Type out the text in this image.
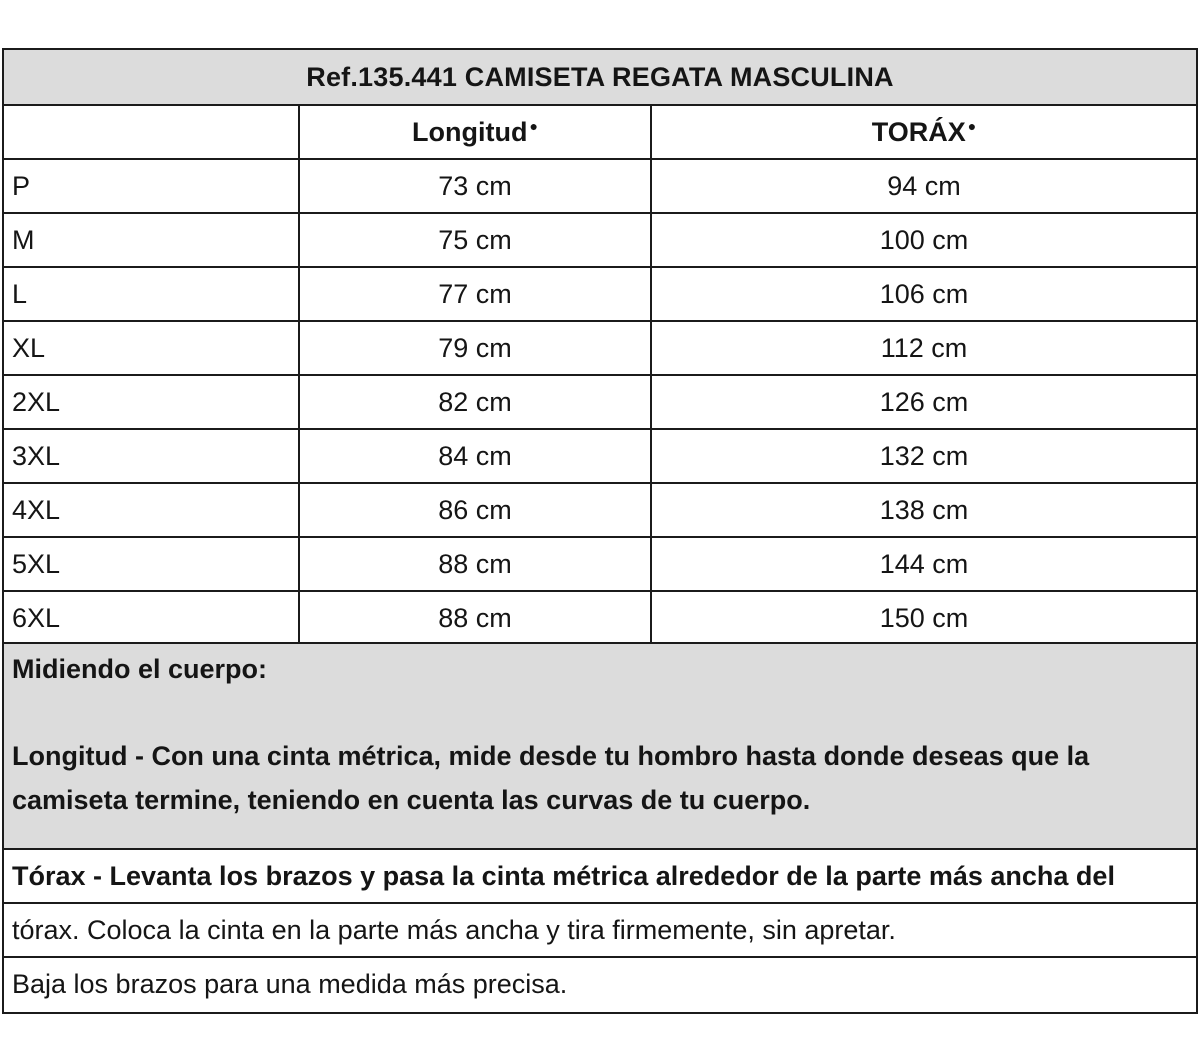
Ref.135.441 CAMISETA REGATA MASCULINA
	Longitud ●	TORÁX ●
P	73 cm	94 cm
M	75 cm	100 cm
L	77 cm	106 cm
XL	79 cm	112 cm
2XL	82 cm	126 cm
3XL	84 cm	132 cm
4XL	86 cm	138 cm
5XL	88 cm	144 cm
6XL	88 cm	150 cm
Midiendo el cuerpo:
Longitud - Con una cinta métrica, mide desde tu hombro hasta donde deseas que la camiseta termine, teniendo en cuenta las curvas de tu cuerpo.
Tórax - Levanta los brazos y pasa la cinta métrica alrededor de la parte más ancha del
tórax. Coloca la cinta en la parte más ancha y tira firmemente, sin apretar.
Baja los brazos para una medida más precisa.
